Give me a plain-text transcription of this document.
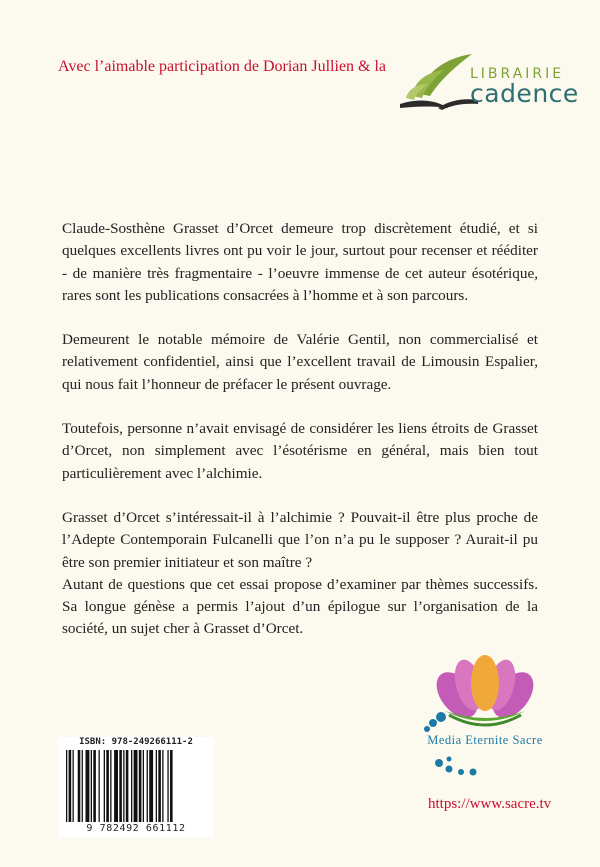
Avec l’aimable participation de Dorian Jullien & la	LIBRAIRIE
cadence

Claude-Sosthène Grasset d’Orcet demeure trop discrètement étudié, et si quelques excellents livres ont pu voir le jour, surtout pour recenser et rééditer - de manière très fragmentaire - l’oeuvre immense de cet auteur ésotérique, rares sont les publications consacrées à l’homme et à son parcours.

Demeurent le notable mémoire de Valérie Gentil, non commercialisé et relativement confidentiel, ainsi que l’excellent travail de Limousin Espalier, qui nous fait l’honneur de préfacer le présent ouvrage.

Toutefois, personne n’avait envisagé de considérer les liens étroits de Grasset d’Orcet, non simplement avec l’ésotérisme en général, mais bien tout particulièrement avec l’alchimie.

Grasset d’Orcet s’intéressait-il à l’alchimie ? Pouvait-il être plus proche de l’Adepte Contemporain Fulcanelli que l’on n’a pu le supposer ? Aurait-il pu être son premier initiateur et son maître ?

Autant de questions que cet essai propose d’examiner par thèmes successifs. Sa longue génèse a permis l’ajout d’un épilogue sur l’organisation de la société, un sujet cher à Grasset d’Orcet.

ISBN: 978-249266111-2
9 782492 661112
Media Eternite Sacre
https://www.sacre.tv
